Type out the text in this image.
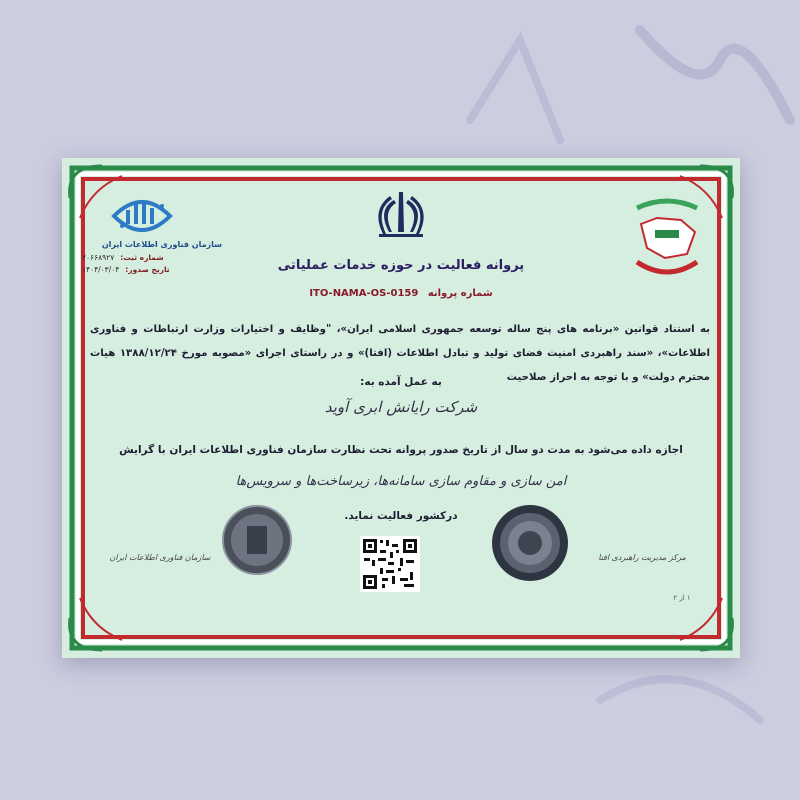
سازمان فناوری اطلاعات ایران
شماره ثبت:
۲۰۶۶۸۹۲۷
تاریخ صدور:
۱۴۰۴/۰۳/۰۴	پروانه فعالیت در حوزه خدمات عملیاتی
شماره پروانه ITO-NAMA-OS-0159
به استناد قوانین «برنامه های پنج ساله توسعه جمهوری اسلامی ایران»، "وظایف و اختیارات وزارت ارتباطات و فناوری اطلاعات»، «سند راهبردی امنیت فضای تولید و تبادل اطلاعات (افتا)» و در راستای اجرای «مصوبه مورخ ۱۳۸۸/۱۲/۲۴ هیات محترم دولت» و با توجه به احراز صلاحیت
به عمل آمده به:
شرکت رایانش ابری آوید
اجازه داده می‌شود به مدت دو سال از تاریخ صدور پروانه تحت نظارت سازمان فناوری اطلاعات ایران با گرایش
امن سازی و مقاوم سازی سامانه‌ها، زیرساخت‌ها و سرویس‌ها
درکشور فعالیت نماید.
سازمان فناوری اطلاعات ایران	مرکز مدیریت راهبردی افتا
۱ از ۲
